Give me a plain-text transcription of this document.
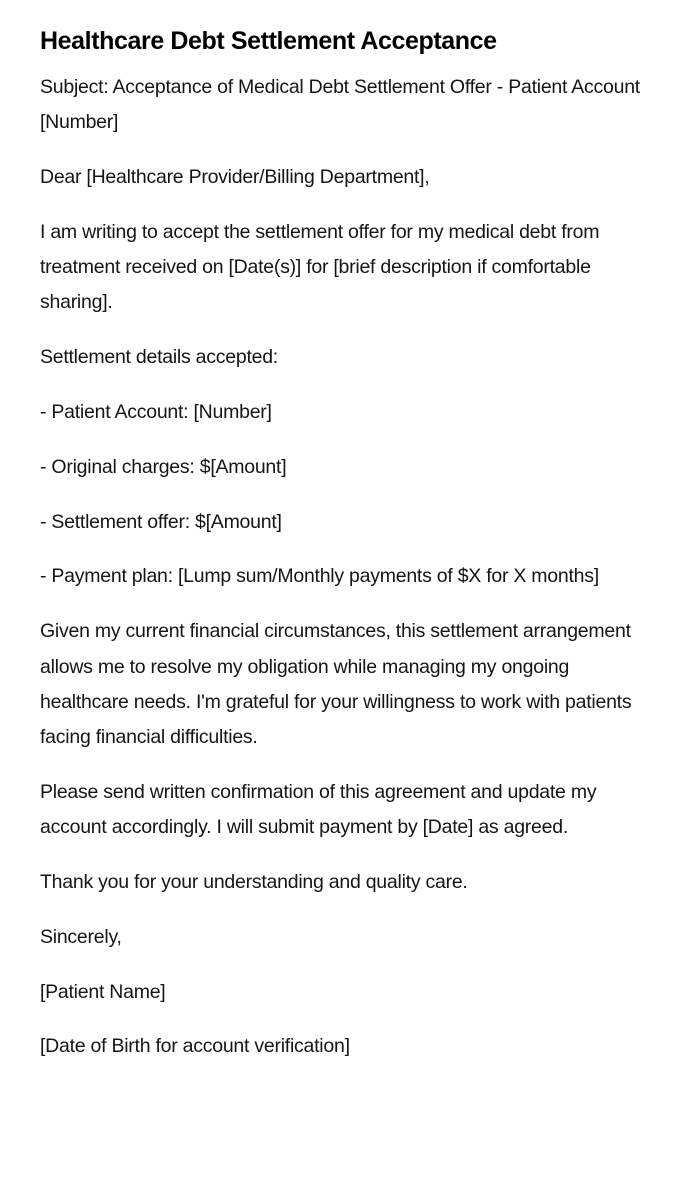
Healthcare Debt Settlement Acceptance

Subject: Acceptance of Medical Debt Settlement Offer - Patient Account [Number]

Dear [Healthcare Provider/Billing Department],

I am writing to accept the settlement offer for my medical debt from treatment received on [Date(s)] for [brief description if comfortable sharing].

Settlement details accepted:

- Patient Account: [Number]

- Original charges: $[Amount]

- Settlement offer: $[Amount]

- Payment plan: [Lump sum/Monthly payments of $X for X months]

Given my current financial circumstances, this settlement arrangement allows me to resolve my obligation while managing my ongoing healthcare needs. I'm grateful for your willingness to work with patients facing financial difficulties.

Please send written confirmation of this agreement and update my account accordingly. I will submit payment by [Date] as agreed.

Thank you for your understanding and quality care.

Sincerely,

[Patient Name]

[Date of Birth for account verification]
